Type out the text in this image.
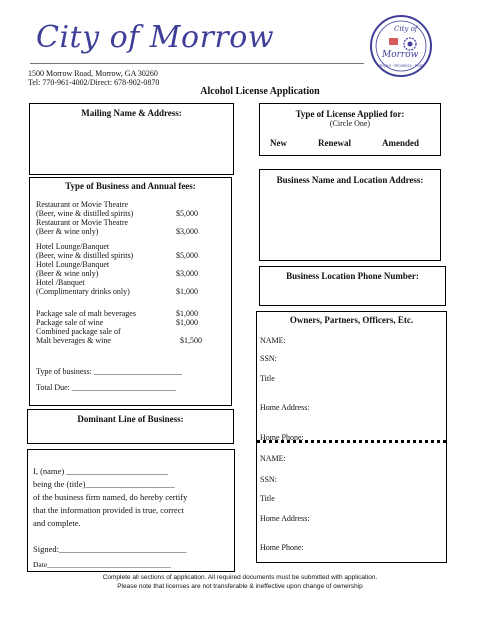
City of Morrow	City of
Morrow
PEOPLE · PROGRESS · PRIDE
1500 Morrow Road, Morrow, GA 30260
Tel: 770-961-4002/Direct: 678-902-0870
Alcohol License Application
Mailing Name & Address:	Type of License Applied for:
(Circle One)
New	Renewal	Amended
Type of Business and Annual fees:
Restaurant or Movie Theatre
(Beer, wine & distilled spirits)	$5,000
Restaurant or Movie Theatre
(Beer & wine only)	$3,000
Hotel Lounge/Banquet
(Beer, wine & distilled spirits)	$5,000
Hotel Lounge/Banquet
(Beer & wine only)	$3,000
Hotel /Banquet
(Complimentary drinks only)	$1,000
Package sale of malt beverages	$1,000
Package sale of wine	$1,000
Combined package sale of
Malt beverages & wine	$1,500
Type of business: ______________________
Total Due: __________________________
Business Name and Location Address:
Business Location Phone Number:
Owners, Partners, Officers, Etc.
NAME:
SSN:
Title
Home Address:
Home Phone:
NAME:
SSN:
Title
Home Address:
Home Phone:
Dominant Line of Business:
I, (name) ________________________
being the (title)_____________________
of the business firm named, do hereby certify
that the information provided is true, correct
and complete.
Signed:______________________________
Date_________________________________
Complete all sections of application. All required documents must be submitted with application.
Please note that licenses are not transferable & ineffective upon change of ownership
